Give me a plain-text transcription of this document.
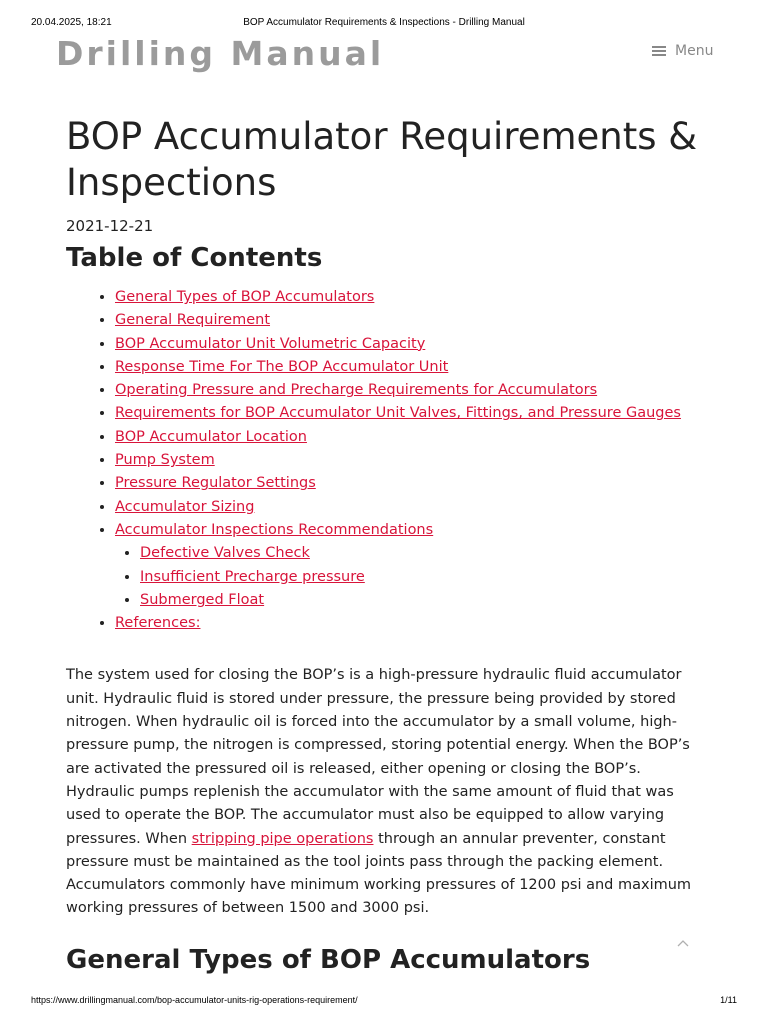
20.04.2025, 18:21	BOP Accumulator Requirements & Inspections - Drilling Manual
Drilling Manual	Menu
BOP Accumulator Requirements & Inspections
2021-12-21
Table of Contents
• General Types of BOP Accumulators
• General Requirement
• BOP Accumulator Unit Volumetric Capacity
• Response Time For The BOP Accumulator Unit
• Operating Pressure and Precharge Requirements for Accumulators
• Requirements for BOP Accumulator Unit Valves, Fittings, and Pressure Gauges
• BOP Accumulator Location
• Pump System
• Pressure Regulator Settings
• Accumulator Sizing
• Accumulator Inspections Recommendations
• Defective Valves Check
• Insufficient Precharge pressure
• Submerged Float
• References:

The system used for closing the BOP’s is a high-pressure hydraulic fluid accumulator unit. Hydraulic fluid is stored under pressure, the pressure being provided by stored nitrogen. When hydraulic oil is forced into the accumulator by a small volume, high-pressure pump, the nitrogen is compressed, storing potential energy. When the BOP’s are activated the pressured oil is released, either opening or closing the BOP’s. Hydraulic pumps replenish the accumulator with the same amount of fluid that was used to operate the BOP. The accumulator must also be equipped to allow varying pressures. When stripping pipe operations through an annular preventer, constant pressure must be maintained as the tool joints pass through the packing element. Accumulators commonly have minimum working pressures of 1200 psi and maximum working pressures of between 1500 and 3000 psi.

General Types of BOP Accumulators
https://www.drillingmanual.com/bop-accumulator-units-rig-operations-requirement/	1/11
